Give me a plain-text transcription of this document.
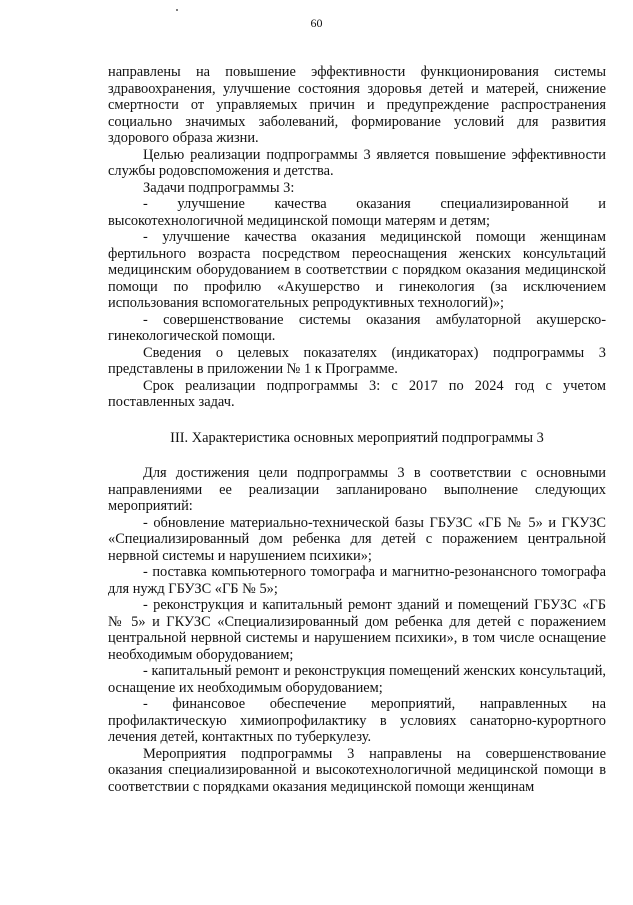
60

направлены на повышение эффективности функционирования системы здравоохранения, улучшение состояния здоровья детей и матерей, снижение смертности от управляемых причин и предупреждение распространения социально значимых заболеваний, формирование условий для развития здорового образа жизни.

Целью реализации подпрограммы 3 является повышение эффективности службы родовспоможения и детства.

Задачи подпрограммы 3:

- улучшение качества оказания специализированной и высокотехнологичной медицинской помощи матерям и детям;

- улучшение качества оказания медицинской помощи женщинам фертильного возраста посредством переоснащения женских консультаций медицинским оборудованием в соответствии с порядком оказания медицинской помощи по профилю «Акушерство и гинекология (за исключением использования вспомогательных репродуктивных технологий)»;

- совершенствование системы оказания амбулаторной акушерско-гинекологической помощи.

Сведения о целевых показателях (индикаторах) подпрограммы 3 представлены в приложении № 1 к Программе.

Срок реализации подпрограммы 3: с 2017 по 2024 год с учетом поставленных задач.

III. Характеристика основных мероприятий подпрограммы 3

Для достижения цели подпрограммы 3 в соответствии с основными направлениями ее реализации запланировано выполнение следующих мероприятий:

- обновление материально-технической базы ГБУЗС «ГБ № 5» и ГКУЗС «Специализированный дом ребенка для детей с поражением центральной нервной системы и нарушением психики»;

- поставка компьютерного томографа и магнитно-резонансного томографа для нужд ГБУЗС «ГБ № 5»;

- реконструкция и капитальный ремонт зданий и помещений ГБУЗС «ГБ № 5» и ГКУЗС «Специализированный дом ребенка для детей с поражением центральной нервной системы и нарушением психики», в том числе оснащение необходимым оборудованием;

- капитальный ремонт и реконструкция помещений женских консультаций, оснащение их необходимым оборудованием;

- финансовое обеспечение мероприятий, направленных на профилактическую химиопрофилактику в условиях санаторно-курортного лечения детей, контактных по туберкулезу.

Мероприятия подпрограммы 3 направлены на совершенствование оказания специализированной и высокотехнологичной медицинской помощи в соответствии с порядками оказания медицинской помощи женщинам
